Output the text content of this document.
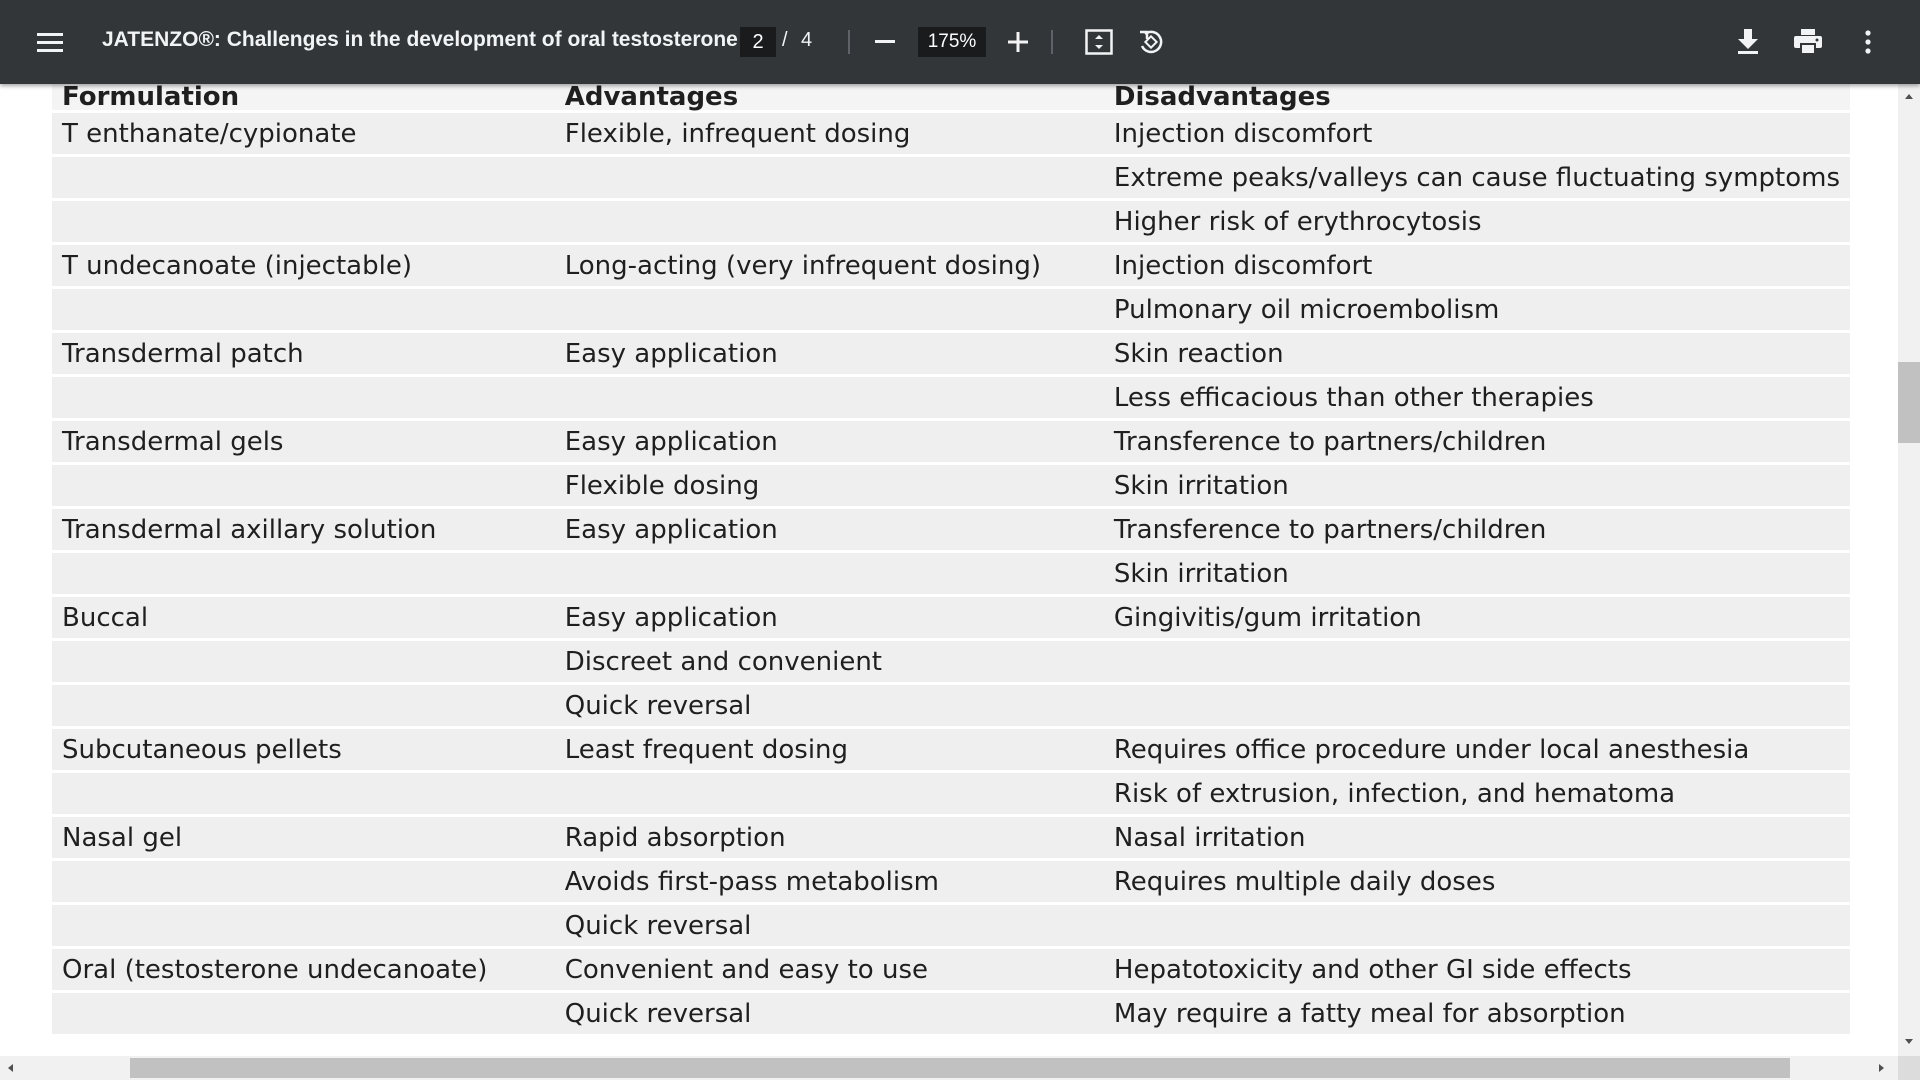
JATENZO®: Challenges in the development of oral testosterone 2 / 4	175%
Formulation	Advantages	Disadvantages
T enthanate/cypionate	Flexible, infrequent dosing	Injection discomfort
		Extreme peaks/valleys can cause fluctuating symptoms
		Higher risk of erythrocytosis
T undecanoate (injectable)	Long-acting (very infrequent dosing)	Injection discomfort
		Pulmonary oil microembolism
Transdermal patch	Easy application	Skin reaction
		Less efficacious than other therapies
Transdermal gels	Easy application	Transference to partners/children
	Flexible dosing	Skin irritation
Transdermal axillary solution	Easy application	Transference to partners/children
		Skin irritation
Buccal	Easy application	Gingivitis/gum irritation
	Discreet and convenient	
	Quick reversal	
Subcutaneous pellets	Least frequent dosing	Requires office procedure under local anesthesia
		Risk of extrusion, infection, and hematoma
Nasal gel	Rapid absorption	Nasal irritation
	Avoids first-pass metabolism	Requires multiple daily doses
	Quick reversal	
Oral (testosterone undecanoate)	Convenient and easy to use	Hepatotoxicity and other GI side effects
	Quick reversal	May require a fatty meal for absorption
